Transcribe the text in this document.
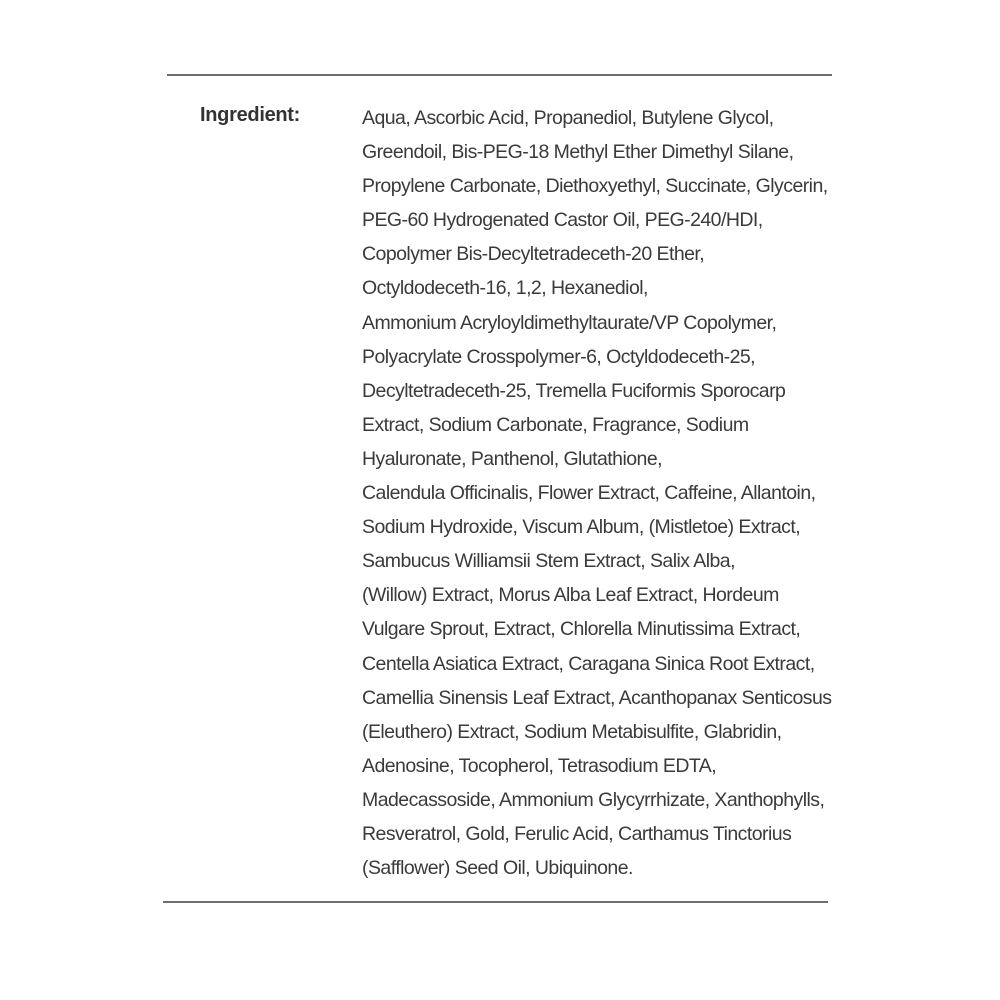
Ingredient:	Aqua, Ascorbic Acid, Propanediol, Butylene Glycol,
Greendoil, Bis-PEG-18 Methyl Ether Dimethyl Silane,
Propylene Carbonate, Diethoxyethyl, Succinate, Glycerin,
PEG-60 Hydrogenated Castor Oil, PEG-240/HDI,
Copolymer Bis-Decyltetradeceth-20 Ether,
Octyldodeceth-16, 1,2, Hexanediol,
Ammonium Acryloyldimethyltaurate/VP Copolymer,
Polyacrylate Crosspolymer-6, Octyldodeceth-25,
Decyltetradeceth-25, Tremella Fuciformis Sporocarp
Extract, Sodium Carbonate, Fragrance, Sodium
Hyaluronate, Panthenol, Glutathione,
Calendula Officinalis, Flower Extract, Caffeine, Allantoin,
Sodium Hydroxide, Viscum Album, (Mistletoe) Extract,
Sambucus Williamsii Stem Extract, Salix Alba,
(Willow) Extract, Morus Alba Leaf Extract, Hordeum
Vulgare Sprout, Extract, Chlorella Minutissima Extract,
Centella Asiatica Extract, Caragana Sinica Root Extract,
Camellia Sinensis Leaf Extract, Acanthopanax Senticosus
(Eleuthero) Extract, Sodium Metabisulfite, Glabridin,
Adenosine, Tocopherol, Tetrasodium EDTA,
Madecassoside, Ammonium Glycyrrhizate, Xanthophylls,
Resveratrol, Gold, Ferulic Acid, Carthamus Tinctorius
(Safflower) Seed Oil, Ubiquinone.
